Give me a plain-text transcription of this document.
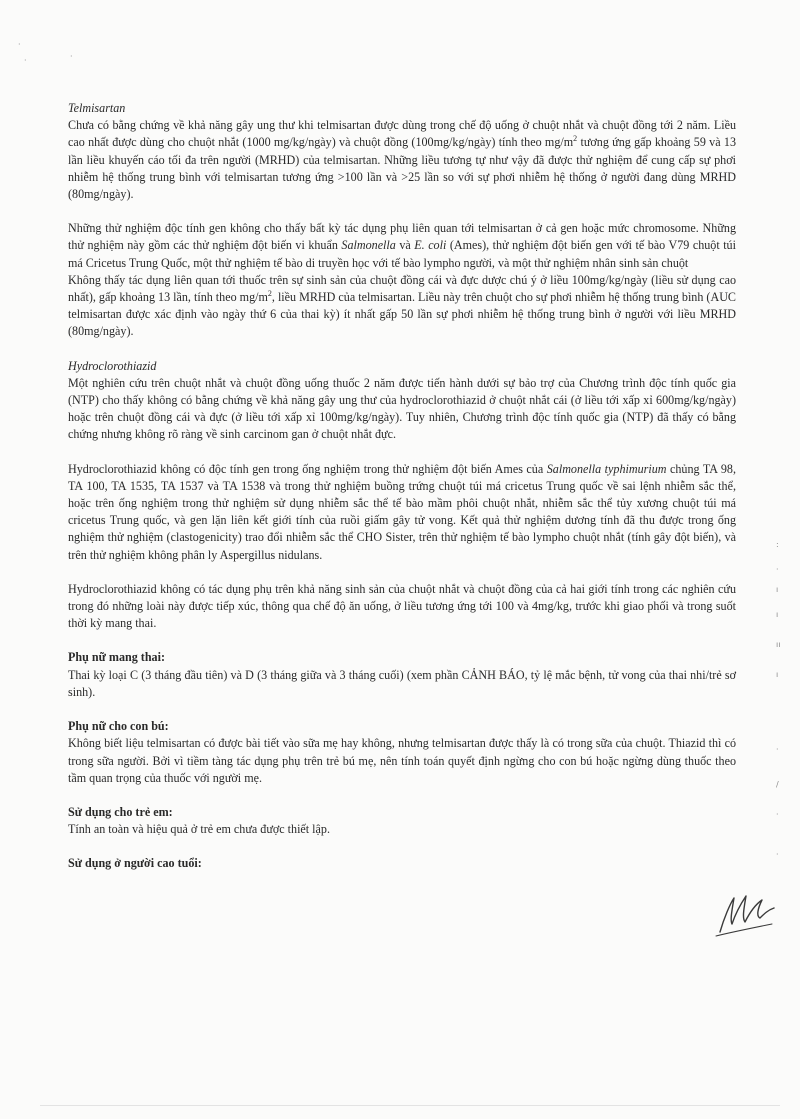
·
·	·

Telmisartan

Chưa có bằng chứng về khả năng gây ung thư khi telmisartan được dùng trong chế độ uống ở chuột nhắt và chuột đồng tới 2 năm. Liều cao nhất được dùng cho chuột nhắt (1000 mg/kg/ngày) và chuột đồng (100mg/kg/ngày) tính theo $mg/m^2$ tương ứng gấp khoảng 59 và 13 lần liều khuyến cáo tối đa trên người (MRHD) của telmisartan. Những liều tương tự như vậy đã được thử nghiệm để cung cấp sự phơi nhiễm hệ thống trung bình với telmisartan tương ứng >100 lần và >25 lần so với sự phơi nhiễm hệ thống ở người đang dùng MRHD (80mg/ngày).

Những thử nghiệm độc tính gen không cho thấy bất kỳ tác dụng phụ liên quan tới telmisartan ở cả gen hoặc mức chromosome. Những thử nghiệm này gồm các thử nghiệm đột biến vi khuẩn Salmonella và E. coli (Ames), thử nghiệm đột biến gen với tế bào V79 chuột túi má Cricetus Trung Quốc, một thử nghiệm tế bào di truyền học với tế bào lympho người, và một thử nghiệm nhân sinh sản chuột

Không thấy tác dụng liên quan tới thuốc trên sự sinh sản của chuột đồng cái và đực dược chú ý ở liều 100mg/kg/ngày (liều sử dụng cao nhất), gấp khoảng 13 lần, tính theo $mg/m^2$, liều MRHD của telmisartan. Liều này trên chuột cho sự phơi nhiễm hệ thống trung bình (AUC telmisartan được xác định vào ngày thứ 6 của thai kỳ) ít nhất gấp 50 lần sự phơi nhiễm hệ thống trung bình ở người với liều MRHD (80mg/ngày).

Hydroclorothiazid

Một nghiên cứu trên chuột nhắt và chuột đồng uống thuốc 2 năm được tiến hành dưới sự bảo trợ của Chương trình độc tính quốc gia (NTP) cho thấy không có bằng chứng về khả năng gây ung thư của hydroclorothiazid ở chuột nhắt cái (ở liều tới xấp xỉ 600mg/kg/ngày) hoặc trên chuột đồng cái và đực (ở liều tới xấp xỉ 100mg/kg/ngày). Tuy nhiên, Chương trình độc tính quốc gia (NTP) đã thấy có bằng chứng nhưng không rõ ràng về sinh carcinom gan ở chuột nhắt đực.

Hydroclorothiazid không có độc tính gen trong ống nghiệm trong thử nghiệm đột biến Ames của Salmonella typhimurium chủng TA 98, TA 100, TA 1535, TA 1537 và TA 1538 và trong thử nghiệm buồng trứng chuột túi má cricetus Trung quốc về sai lệnh nhiễm sắc thể, hoặc trên ống nghiệm trong thử nghiệm sử dụng nhiễm sắc thể tế bào mầm phôi chuột nhắt, nhiễm sắc thể tủy xương chuột túi má cricetus Trung quốc, và gen lặn liên kết giới tính của ruồi giấm gây tử vong. Kết quả thử nghiệm dương tính đã thu được trong ống nghiệm thử nghiệm (clastogenicity) trao đổi nhiễm sắc thể CHO Sister, trên thử nghiệm tế bào lympho chuột nhắt (tính gây đột biến), và trên thử nghiệm không phân ly Aspergillus nidulans.

Hydroclorothiazid không có tác dụng phụ trên khả năng sinh sản của chuột nhắt và chuột đồng của cả hai giới tính trong các nghiên cứu trong đó những loài này được tiếp xúc, thông qua chế độ ăn uống, ở liều tương ứng tới 100 và 4mg/kg, trước khi giao phối và trong suốt thời kỳ mang thai.

Phụ nữ mang thai:

Thai kỳ loại C (3 tháng đầu tiên) và D (3 tháng giữa và 3 tháng cuối) (xem phần CẢNH BÁO, tỷ lệ mắc bệnh, tử vong của thai nhi/trẻ sơ sinh).

Phụ nữ cho con bú:

Không biết liệu telmisartan có được bài tiết vào sữa mẹ hay không, nhưng telmisartan được thấy là có trong sữa của chuột. Thiazid thì có trong sữa người. Bởi vì tiềm tàng tác dụng phụ trên trẻ bú mẹ, nên tính toán quyết định ngừng cho con bú hoặc ngừng dùng thuốc theo tầm quan trọng của thuốc với người mẹ.

Sử dụng cho trẻ em:

Tính an toàn và hiệu quả ở trẻ em chưa được thiết lập.

Sử dụng ở người cao tuổi:

:
·
ı
ı
ıı
ı
·
/
·
·
